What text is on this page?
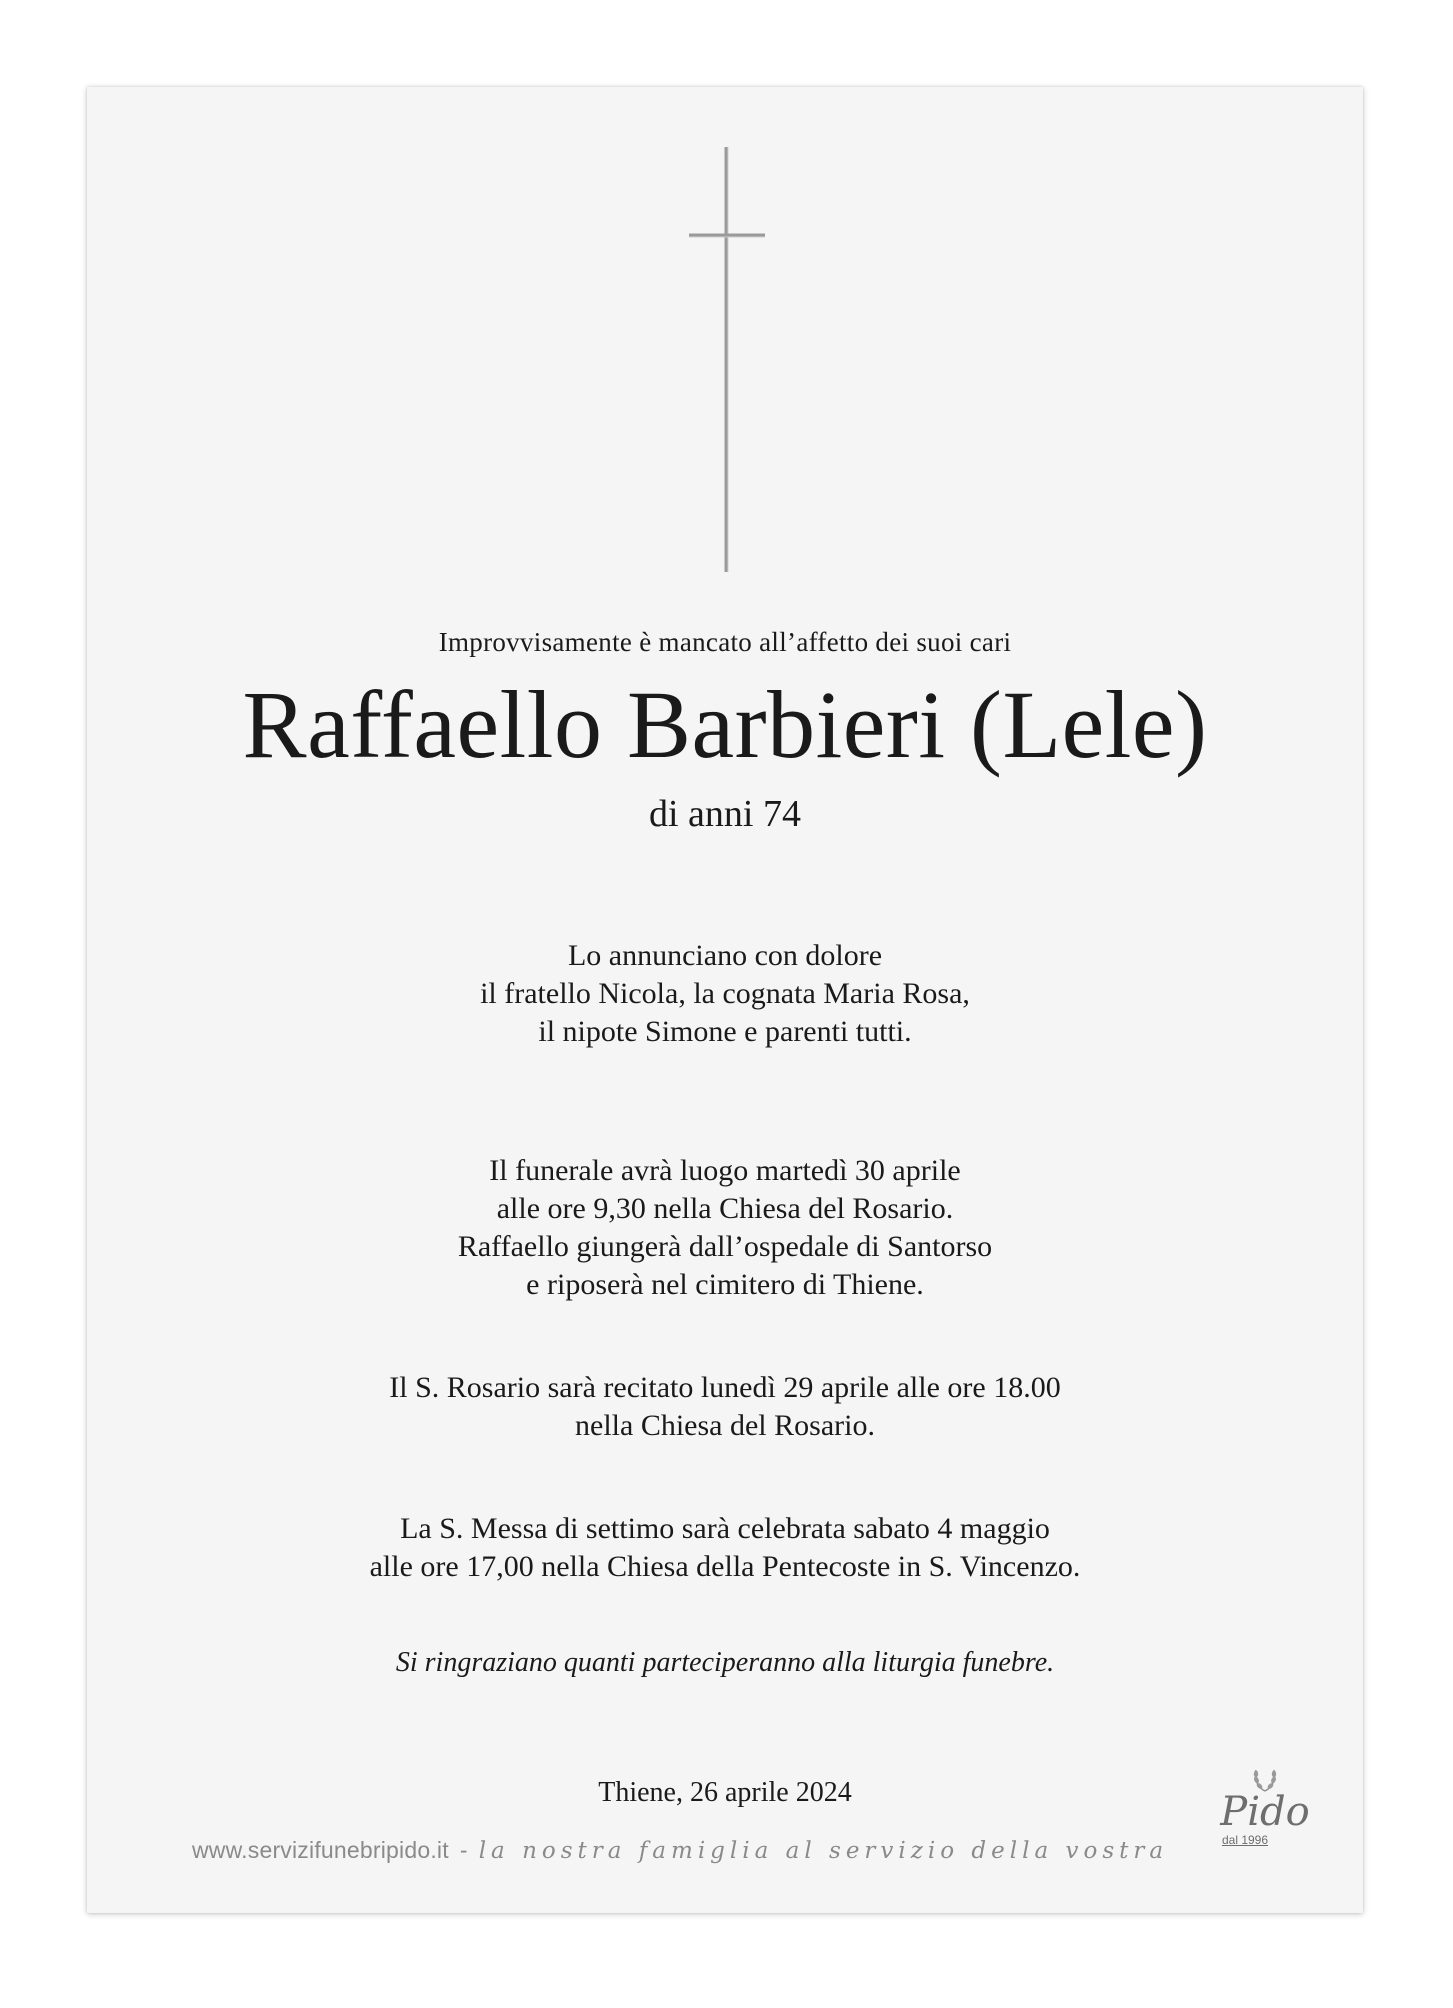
Improvvisamente è mancato all’affetto dei suoi cari

Raffaello Barbieri (Lele)

di anni 74

Lo annunciano con dolore
il fratello Nicola, la cognata Maria Rosa,
il nipote Simone e parenti tutti.
Il funerale avrà luogo martedì 30 aprile
alle ore 9,30 nella Chiesa del Rosario.
Raffaello giungerà dall’ospedale di Santorso
e riposerà nel cimitero di Thiene.
Il S. Rosario sarà recitato lunedì 29 aprile alle ore 18.00
nella Chiesa del Rosario.
La S. Messa di settimo sarà celebrata sabato 4 maggio
alle ore 17,00 nella Chiesa della Pentecoste in S. Vincenzo.

Si ringraziano quanti parteciperanno alla liturgia funebre.

Thiene, 26 aprile 2024

www.servizifunebripido.it - la nostra famiglia al servizio della vostra
Pido
dal 1996
